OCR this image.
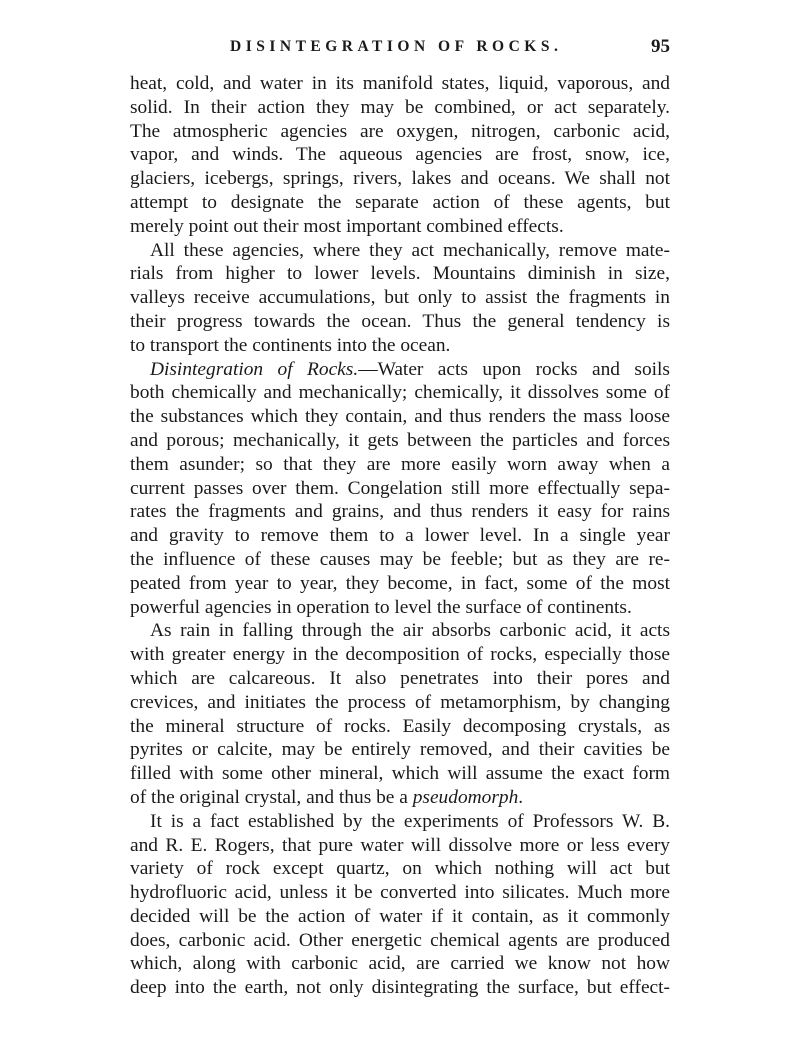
DISINTEGRATION OF ROCKS.	95
heat, cold, and water in its manifold states, liquid, vaporous, and
solid. In their action they may be combined, or act separately.
The atmospheric agencies are oxygen, nitrogen, carbonic acid,
vapor, and winds. The aqueous agencies are frost, snow, ice,
glaciers, icebergs, springs, rivers, lakes and oceans. We shall not
attempt to designate the separate action of these agents, but
merely point out their most important combined effects.
All these agencies, where they act mechanically, remove mate-
rials from higher to lower levels. Mountains diminish in size,
valleys receive accumulations, but only to assist the fragments in
their progress towards the ocean. Thus the general tendency is
to transport the continents into the ocean.
Disintegration of Rocks.—Water acts upon rocks and soils
both chemically and mechanically; chemically, it dissolves some of
the substances which they contain, and thus renders the mass loose
and porous; mechanically, it gets between the particles and forces
them asunder; so that they are more easily worn away when a
current passes over them. Congelation still more effectually sepa-
rates the fragments and grains, and thus renders it easy for rains
and gravity to remove them to a lower level. In a single year
the influence of these causes may be feeble; but as they are re-
peated from year to year, they become, in fact, some of the most
powerful agencies in operation to level the surface of continents.
As rain in falling through the air absorbs carbonic acid, it acts
with greater energy in the decomposition of rocks, especially those
which are calcareous. It also penetrates into their pores and
crevices, and initiates the process of metamorphism, by changing
the mineral structure of rocks. Easily decomposing crystals, as
pyrites or calcite, may be entirely removed, and their cavities be
filled with some other mineral, which will assume the exact form
of the original crystal, and thus be a pseudomorph.
It is a fact established by the experiments of Professors W. B.
and R. E. Rogers, that pure water will dissolve more or less every
variety of rock except quartz, on which nothing will act but
hydrofluoric acid, unless it be converted into silicates. Much more
decided will be the action of water if it contain, as it commonly
does, carbonic acid. Other energetic chemical agents are produced
which, along with carbonic acid, are carried we know not how
deep into the earth, not only disintegrating the surface, but effect-
